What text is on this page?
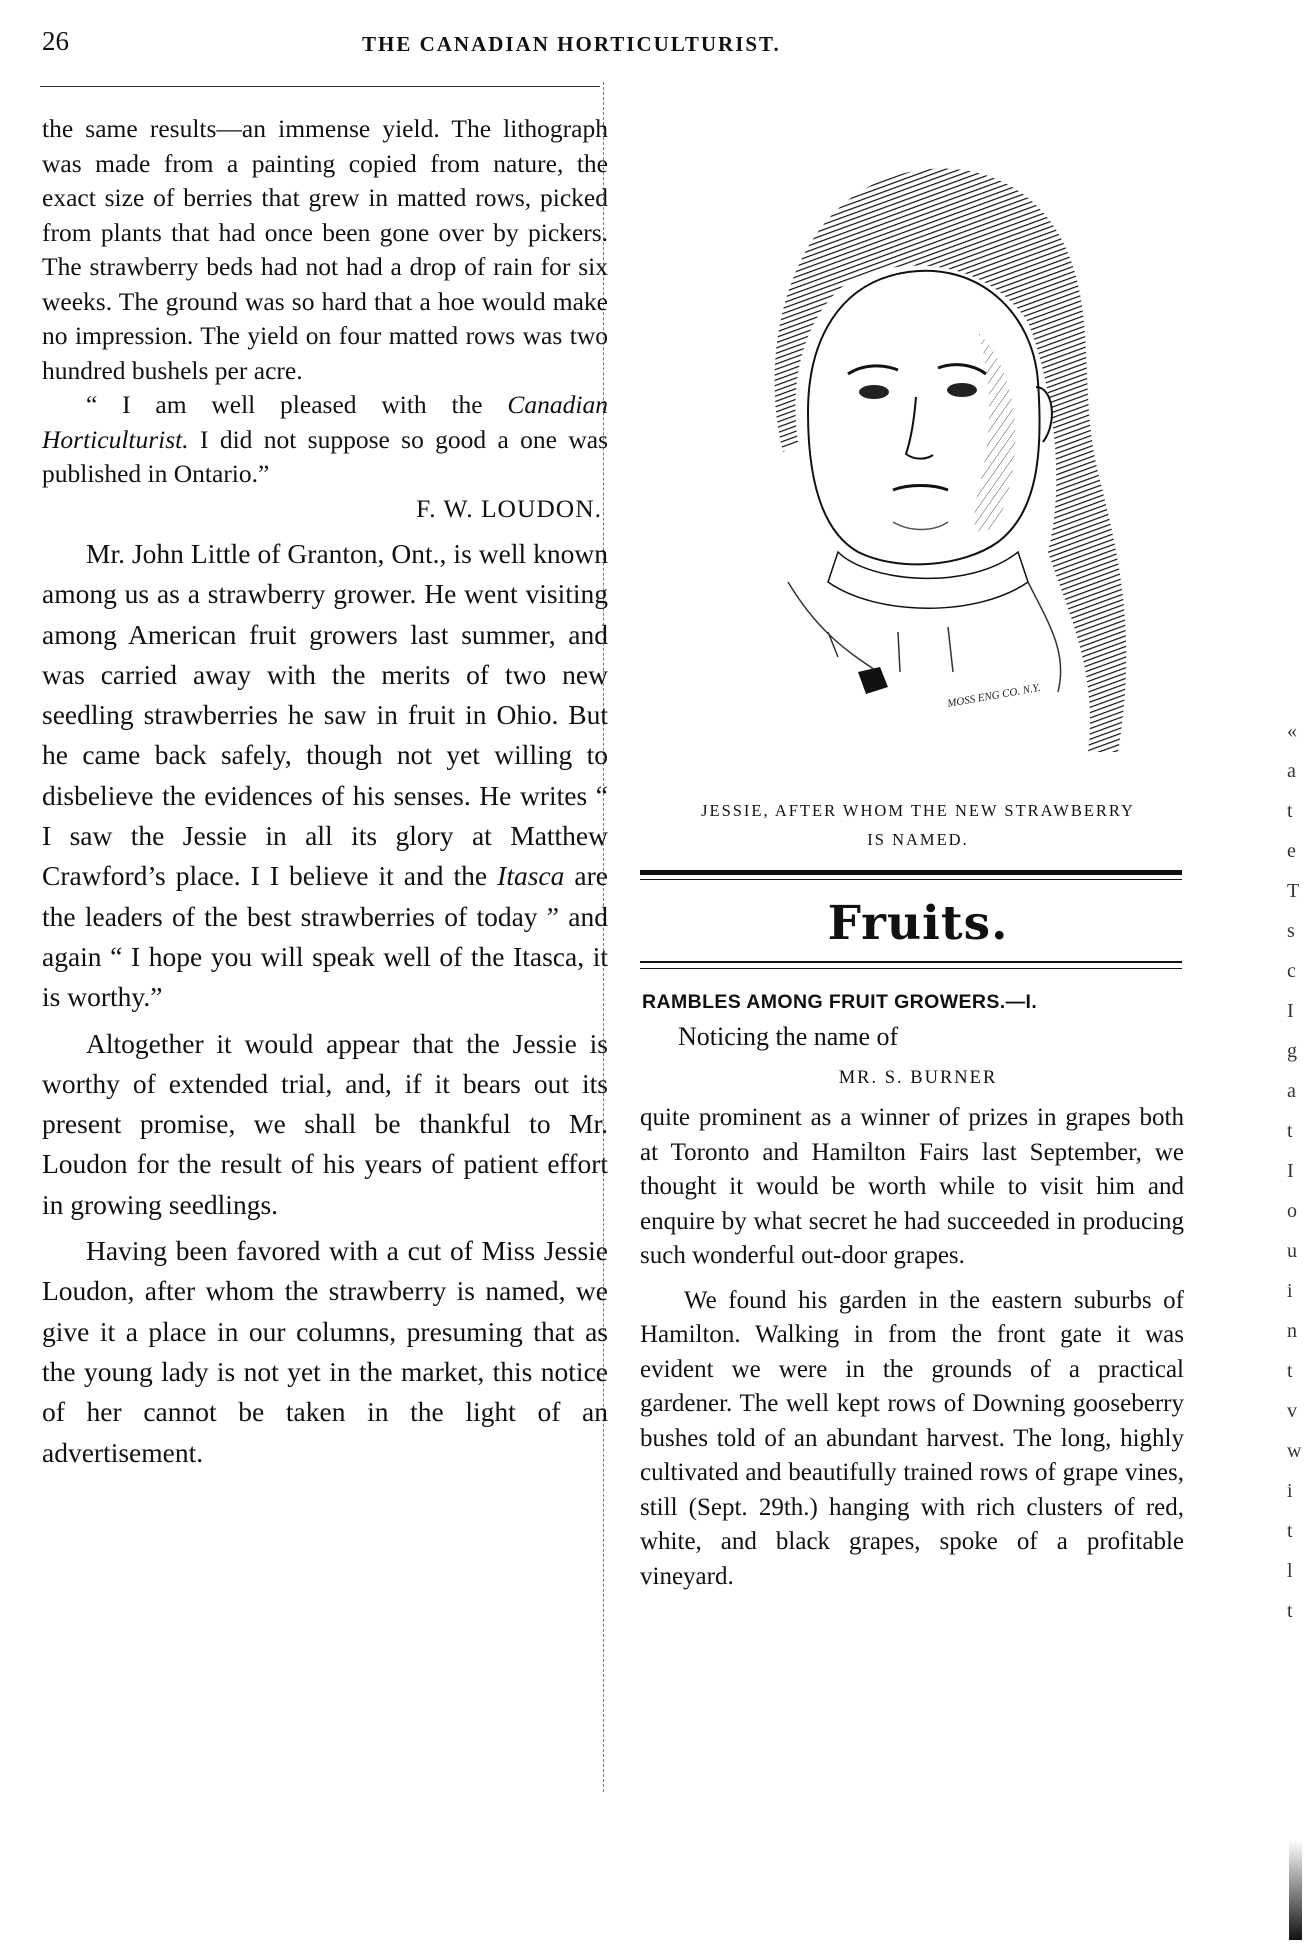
26	THE CANADIAN HORTICULTURIST.

the same results—an immense yield. The lithograph was made from a painting copied from nature, the exact size of berries that grew in matted rows, picked from plants that had once been gone over by pickers. The strawberry beds had not had a drop of rain for six weeks. The ground was so hard that a hoe would make no impression. The yield on four matted rows was two hundred bushels per acre.

“ I am well pleased with the Canadian Horticulturist. I did not suppose so good a one was published in Ontario.”

F. W. LOUDON.

Mr. John Little of Granton, Ont., is well known among us as a strawberry grower. He went visiting among American fruit growers last summer, and was carried away with the merits of two new seedling strawberries he saw in fruit in Ohio. But he came back safely, though not yet willing to disbelieve the evidences of his senses. He writes “ I saw the Jessie in all its glory at Matthew Crawford’s place. I I believe it and the Itasca are the leaders of the best strawberries of today ” and again “ I hope you will speak well of the Itasca, it is worthy.”

Altogether it would appear that the Jessie is worthy of extended trial, and, if it bears out its present promise, we shall be thankful to Mr. Loudon for the result of his years of patient effort in growing seedlings.

Having been favored with a cut of Miss Jessie Loudon, after whom the strawberry is named, we give it a place in our columns, presuming that as the young lady is not yet in the market, this notice of her cannot be taken in the light of an advertisement.

MOSS ENG CO. N.Y.

JESSIE, AFTER WHOM THE NEW STRAWBERRY
IS NAMED.

Fruits.
RAMBLES AMONG FRUIT GROWERS.—I.
Noticing the name of
MR. S. BURNER

quite prominent as a winner of prizes in grapes both at Toronto and Hamilton Fairs last September, we thought it would be worth while to visit him and enquire by what secret he had succeeded in producing such wonderful out-door grapes.

We found his garden in the eastern suburbs of Hamilton. Walking in from the front gate it was evident we were in the grounds of a practical gardener. The well kept rows of Downing gooseberry bushes told of an abundant harvest. The long, highly cultivated and beautifully trained rows of grape vines, still (Sept. 29th.) hanging with rich clusters of red, white, and black grapes, spoke of a profitable vineyard.

«
a
t
e
T
s
c
I
g
a
t
I
o
u
i
n
t
v
w
i
t
l
t
